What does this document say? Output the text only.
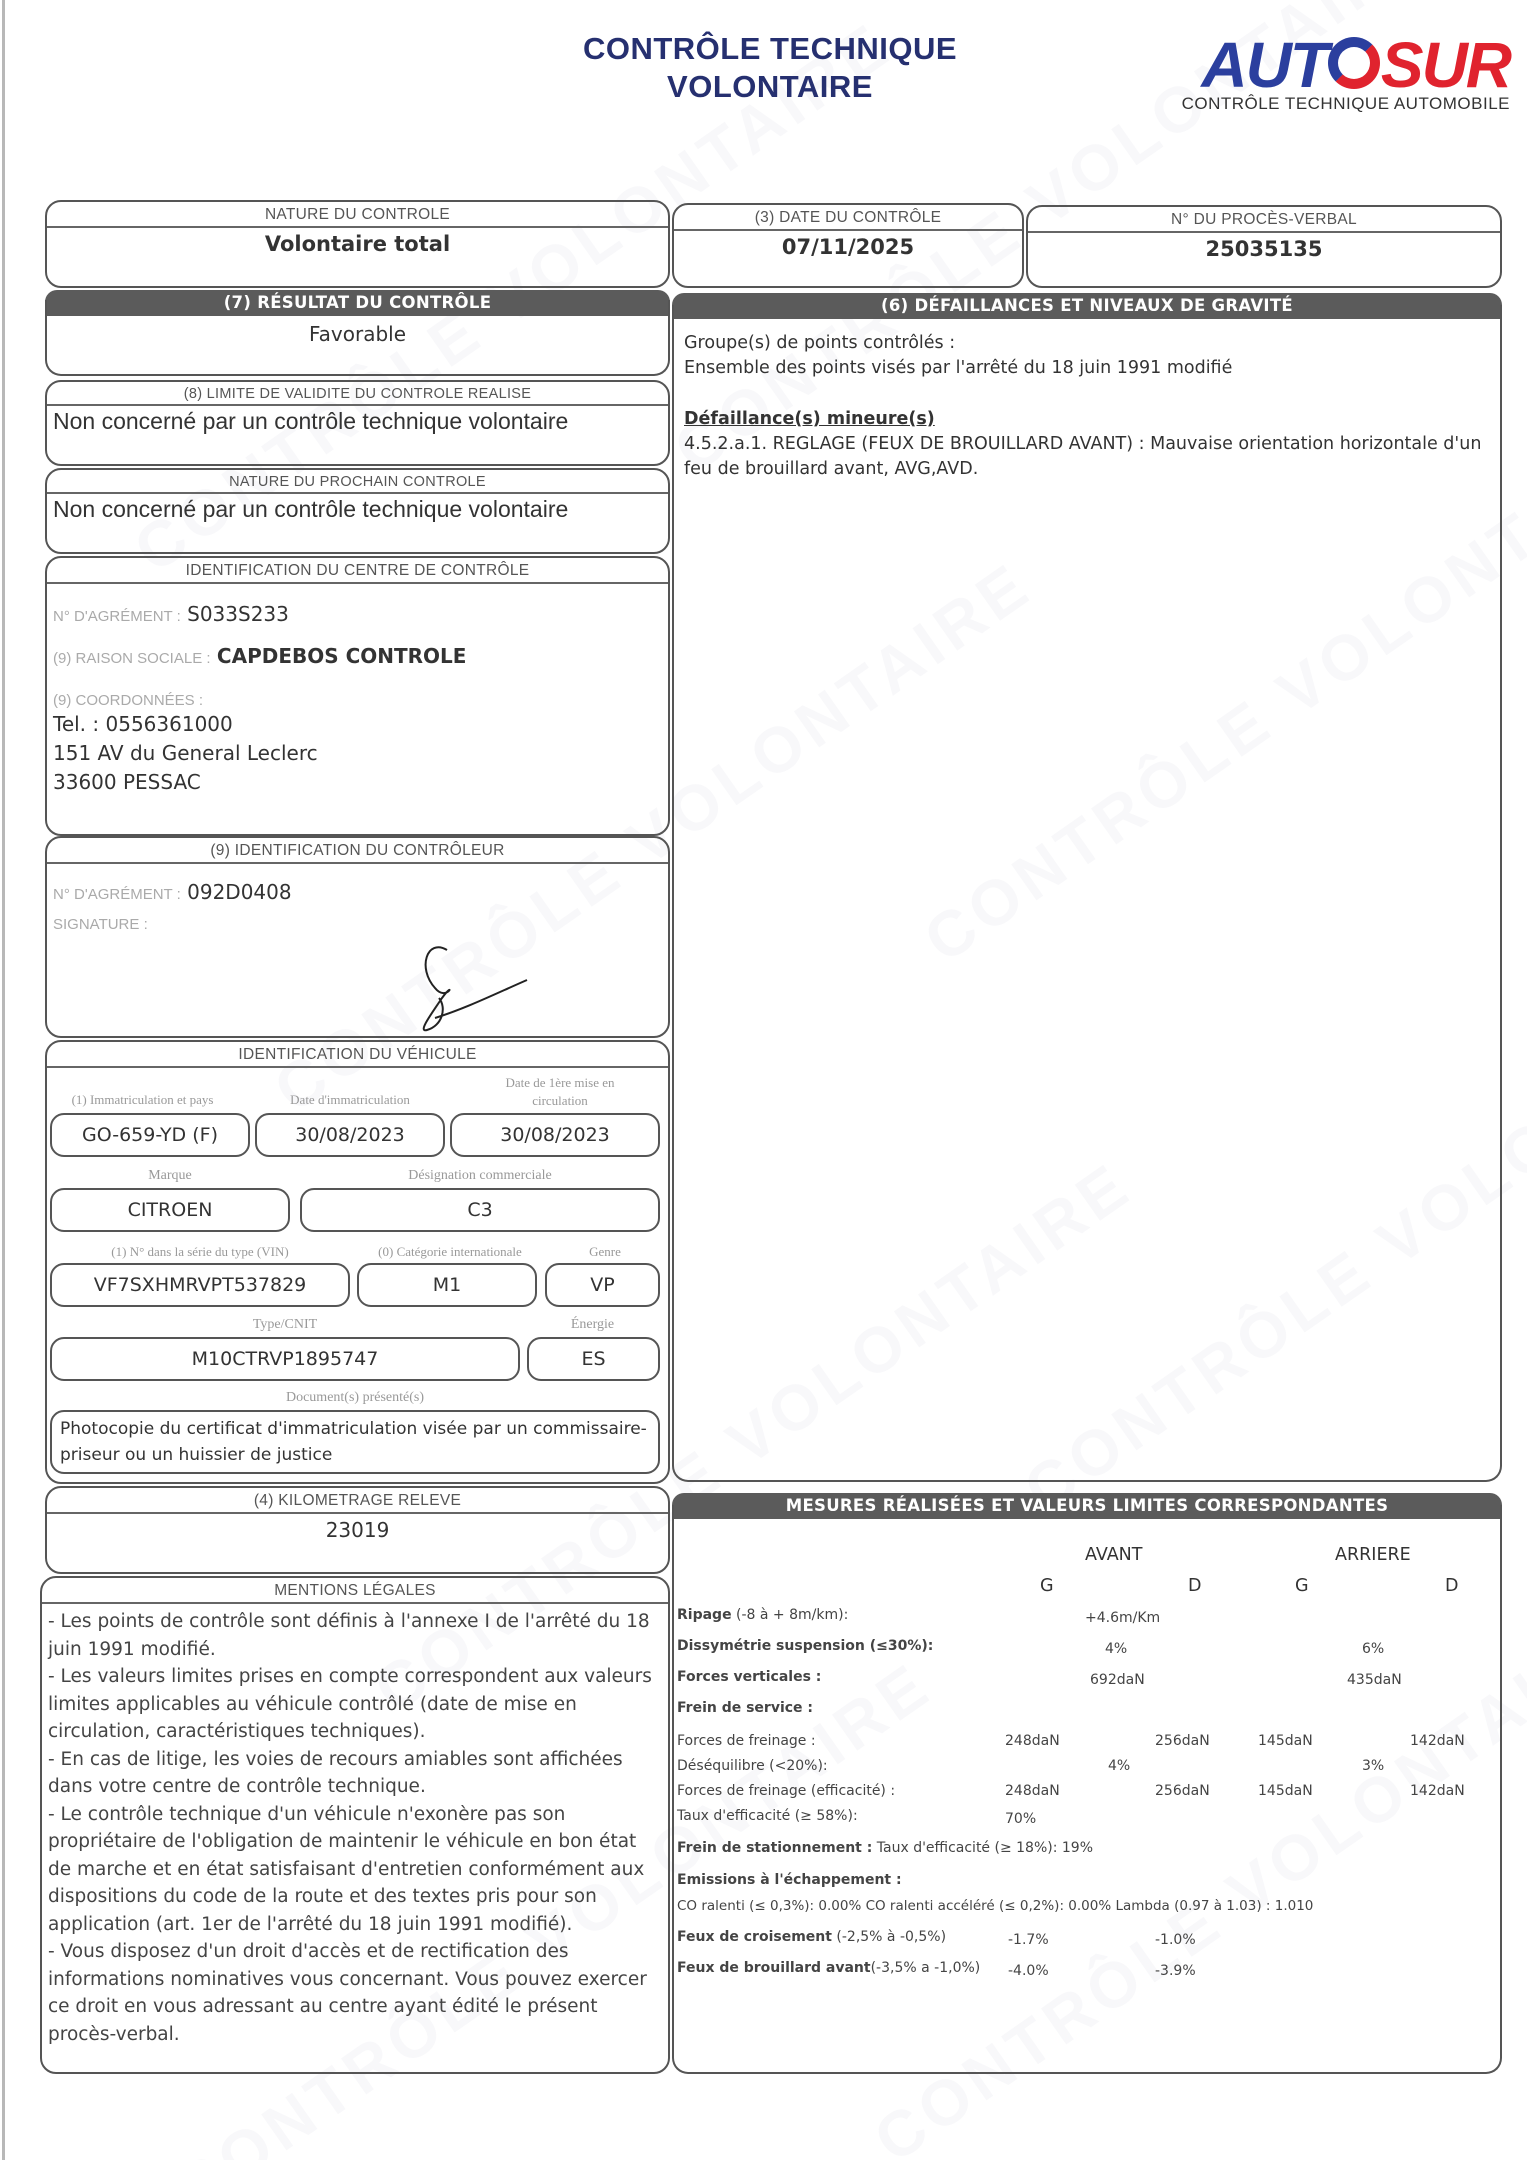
CONTRÔLE TECHNIQUE
VOLONTAIRE	AUT SUR
CONTRÔLE TECHNIQUE AUTOMOBILE
NATURE DU CONTROLE
Volontaire total
(3) DATE DU CONTRÔLE
07/11/2025
N° DU PROCÈS-VERBAL
25035135
(7) RÉSULTAT DU CONTRÔLE
Favorable
(8) LIMITE DE VALIDITE DU CONTROLE REALISE
Non concerné par un contrôle technique volontaire
NATURE DU PROCHAIN CONTROLE
Non concerné par un contrôle technique volontaire
IDENTIFICATION DU CENTRE DE CONTRÔLE
N° D'AGRÉMENT : S033S233
(9) RAISON SOCIALE : CAPDEBOS CONTROLE
(9) COORDONNÉES :
Tel. : 0556361000
151 AV du General Leclerc
33600 PESSAC
(9) IDENTIFICATION DU CONTRÔLEUR
N° D'AGRÉMENT : 092D0408
SIGNATURE :
IDENTIFICATION DU VÉHICULE
(1) Immatriculation et pays	Date d'immatriculation
Date de 1ère mise en circulation
GO-659-YD (F)	30/08/2023	30/08/2023
Marque	Désignation commerciale
CITROEN	C3
(1) N° dans la série du type (VIN)	(0) Catégorie internationale	Genre
VF7SXHMRVPT537829	M1	VP
Type/CNIT	Énergie
M10CTRVP1895747	ES
Document(s) présenté(s)
Photocopie du certificat d'immatriculation visée par un commissaire-priseur ou un huissier de justice
(4) KILOMETRAGE RELEVE
23019
MENTIONS LÉGALES
- Les points de contrôle sont définis à l'annexe I de l'arrêté du 18 juin 1991 modifié.
- Les valeurs limites prises en compte correspondent aux valeurs limites applicables au véhicule contrôlé (date de mise en circulation, caractéristiques techniques).
- En cas de litige, les voies de recours amiables sont affichées dans votre centre de contrôle technique.
- Le contrôle technique d'un véhicule n'exonère pas son propriétaire de l'obligation de maintenir le véhicule en bon état de marche et en état satisfaisant d'entretien conformément aux dispositions du code de la route et des textes pris pour son application (art. 1er de l'arrêté du 18 juin 1991 modifié).
- Vous disposez d'un droit d'accès et de rectification des informations nominatives vous concernant. Vous pouvez exercer ce droit en vous adressant au centre ayant édité le présent procès-verbal.
(6) DÉFAILLANCES ET NIVEAUX DE GRAVITÉ
Groupe(s) de points contrôlés :
Ensemble des points visés par l'arrêté du 18 juin 1991 modifié
Défaillance(s) mineure(s)
4.5.2.a.1. REGLAGE (FEUX DE BROUILLARD AVANT) : Mauvaise orientation horizontale d'un feu de brouillard avant, AVG,AVD.
MESURES RÉALISÉES ET VALEURS LIMITES CORRESPONDANTES
AVANT	ARRIERE
G	D	G	D
Ripage (-8 à + 8m/km):	+4.6m/Km
Dissymétrie suspension (≤30%):	4%	6%
Forces verticales :	692daN	435daN
Frein de service :
Forces de freinage :	248daN	256daN	145daN	142daN
Déséquilibre (<20%):	4%	3%
Forces de freinage (efficacité) :	248daN	256daN	145daN	142daN
Taux d'efficacité (≥ 58%):	70%
Frein de stationnement : Taux d'efficacité (≥ 18%): 19%
Emissions à l'échappement :
CO ralenti (≤ 0,3%): 0.00% CO ralenti accéléré (≤ 0,2%): 0.00% Lambda (0.97 à 1.03) : 1.010
Feux de croisement (-2,5% à -0,5%)	-1.7%	-1.0%
Feux de brouillard avant(-3,5% a -1,0%) -4.0%	-3.9%
